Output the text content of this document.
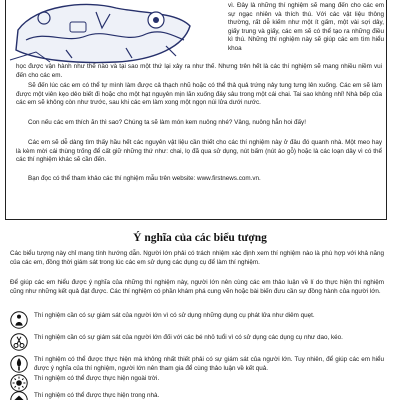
vì. Đây là những thí nghiệm sẽ mang đến cho các em sự ngạc nhiên và thích thú. Với các vật liệu thông thường, rất dễ kiếm như một ít gấm, một vài sợi dây, giấy trung và giấy, các em sẽ có thể tạo ra những điều kì thú. Những thí nghiệm này sẽ giúp các em tìm hiểu khoa

học được vận hành như thế nào và tại sao một thứ lại xảy ra như thế. Nhưng trên hết là các thí nghiệm sẽ mang nhiều niềm vui đến cho các em.

Sẽ đến lúc các em có thể tự mình làm được cả thạch nhũ hoặc có thể thả quả trứng nảy tung tưng lên xuống. Các em sẽ làm được một viên kẹo dẻo biết đi hoặc cho một hạt nguyên mịn lăn xuống đáy sâu trong một cái chai. Tai sao không nhỉ! Nhà bếp của các em sẽ không còn như trước, sau khi các em làm xong một ngọn núi lửa dưới nước.

Con nếu các em thích ăn thì sao? Chúng ta sẽ làm món kem nuông nhé? Vâng, nuông hẳn hoi đấy!

Các em sẽ dễ dàng tìm thấy hầu hết các nguyên vật liệu cần thiết cho các thí nghiệm này ở đâu đó quanh nhà. Một meo hay là kèm mời cái thùng trống để cất giữ những thứ như: chai, lọ đã qua sử dụng, nút bấm (nút áo gỗ) hoặc là các loạn dây vì có thể các thí nghiệm khác sẽ cần đến.

Bạn đọc có thể tham khảo các thí nghiệm mẫu trên website: www.firstnews.com.vn.

Ý nghĩa của các biểu tượng

Các biểu tượng này chỉ mang tính hướng dẫn. Người lớn phải có trách nhiệm xác định xem thí nghiệm nào là phù hợp với khả năng của các em, đồng thời giám sát trong lúc các em sử dụng các dụng cụ để làm thí nghiệm.

Để giúp các em hiểu được ý nghĩa của những thí nghiệm này, người lớn nên cùng các em thảo luận về lí do thực hiện thí nghiệm cũng như những kết quả đạt được. Các thí nghiệm có phần khám phá cung vẽn hoặc bài biến đưu cần sự đồng hành của người lớn.

Thí nghiệm cần có sự giám sát của người lớn vì có sử dụng những dụng cụ phát lửa như diêm quẹt.

Thí nghiệm cần có sự giám sát của người lớn đối với các bé nhỏ tuổi vì có sử dụng các dụng cụ như dao, kéo.

Thí nghiệm có thể được thực hiện mà không nhất thiết phải có sự giám sát của người lớn. Tuy nhiên, để giúp các em hiểu được ý nghĩa của thí nghiệm, người lớn nên tham gia để cùng thảo luận về kết quả.

Thí nghiệm có thể được thực hiện ngoài trời.

Thí nghiệm có thể được thực hiện trong nhà.
